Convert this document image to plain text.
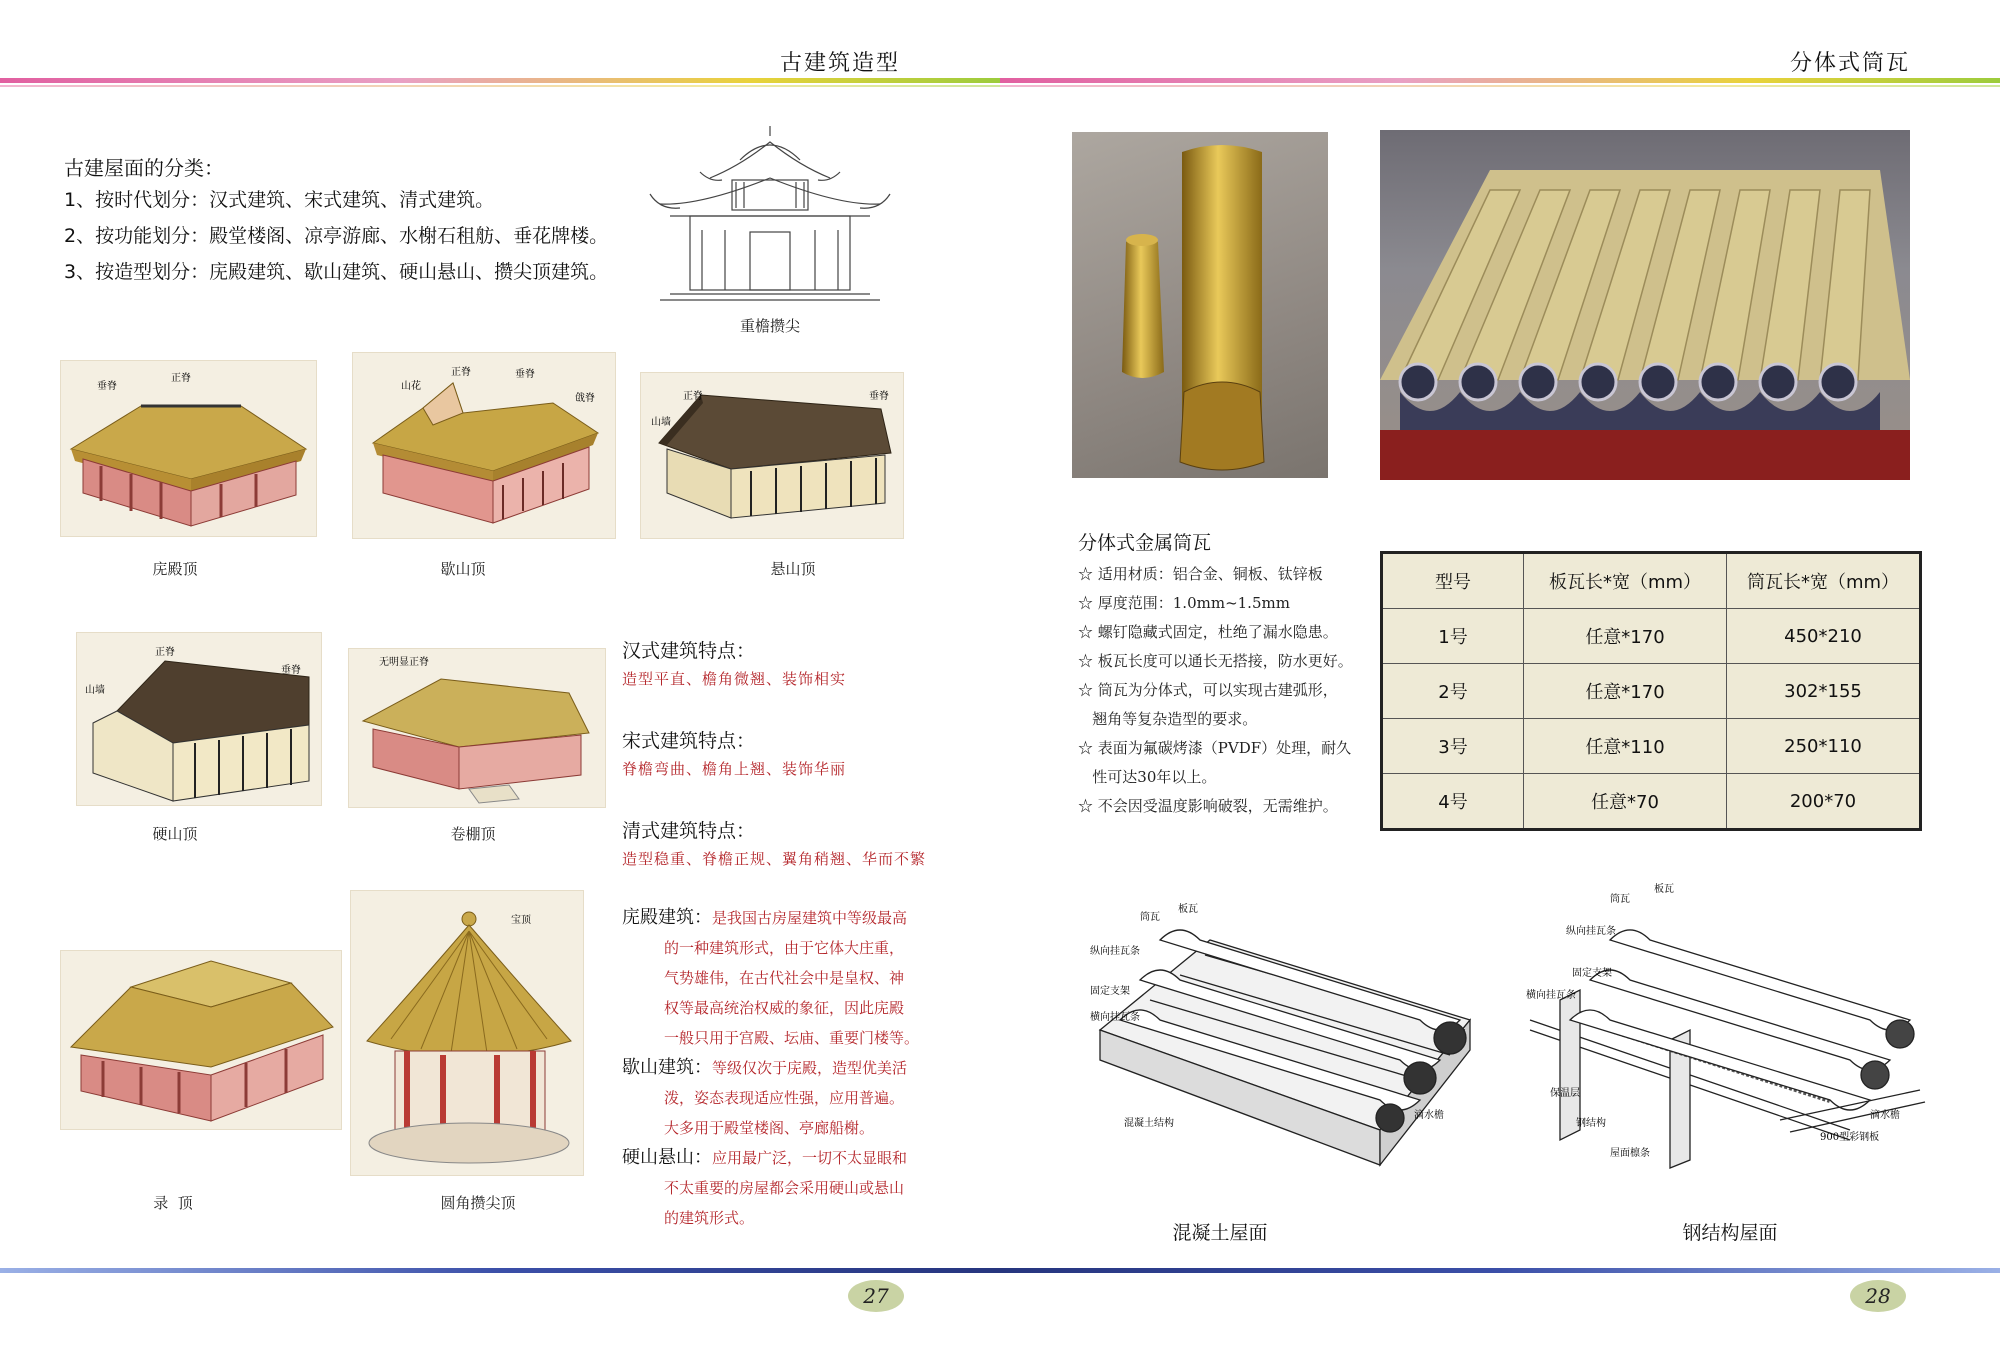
古建筑造型	分体式筒瓦
古建屋面的分类：
1、按时代划分：汉式建筑、宋式建筑、清式建筑。
2、按功能划分：殿堂楼阁、凉亭游廊、水榭石租舫、垂花牌楼。
3、按造型划分：庑殿建筑、歇山建筑、硬山悬山、攒尖顶建筑。
重檐攒尖
正脊
垂脊
庑殿顶
山花
正脊	垂脊
戗脊
歇山顶
正脊
山墙
垂脊
悬山顶
正脊
山墙
垂脊
硬山顶
无明显正脊
卷棚顶
汉式建筑特点：
造型平直、檐角微翘、装饰相实
宋式建筑特点：
脊檐弯曲、檐角上翘、装饰华丽
清式建筑特点：
造型稳重、脊檐正规、翼角稍翘、华而不繁
录  顶
宝顶
圆角攒尖顶
庑殿建筑：是我国古房屋建筑中等级最高
的一种建筑形式，由于它体大庄重，
气势雄伟，在古代社会中是皇权、神
权等最高统治权威的象征，因此庑殿
一般只用于宫殿、坛庙、重要门楼等。
歇山建筑：等级仅次于庑殿，造型优美活
泼，姿态表现适应性强，应用普遍。
大多用于殿堂楼阁、亭廊船榭。
硬山悬山：应用最广泛，一切不太显眼和
不太重要的房屋都会采用硬山或悬山
的建筑形式。
分体式金属筒瓦
☆ 适用材质：铝合金、铜板、钛锌板
☆ 厚度范围：1.0mm~1.5mm
☆ 螺钉隐藏式固定，杜绝了漏水隐患。
☆ 板瓦长度可以通长无搭接，防水更好。
☆ 筒瓦为分体式，可以实现古建弧形，
翘角等复杂造型的要求。
☆ 表面为氟碳烤漆（PVDF）处理，耐久
性可达30年以上。
☆ 不会因受温度影响破裂，无需维护。
型号	板瓦长*宽（mm）	筒瓦长*宽（mm）
1号	任意*170	450*210
2号	任意*170	302*155
3号	任意*110	250*110
4号	任意*70	200*70
筒瓦
板瓦
纵向挂瓦条
固定支架
横向挂瓦条
混凝土结构
滴水檐
混凝土屋面
筒瓦
板瓦
纵向挂瓦条
固定支架
横向挂瓦条
保温层
钢结构
屋面檩条
滴水檐
900型彩钢板
钢结构屋面
27	28
